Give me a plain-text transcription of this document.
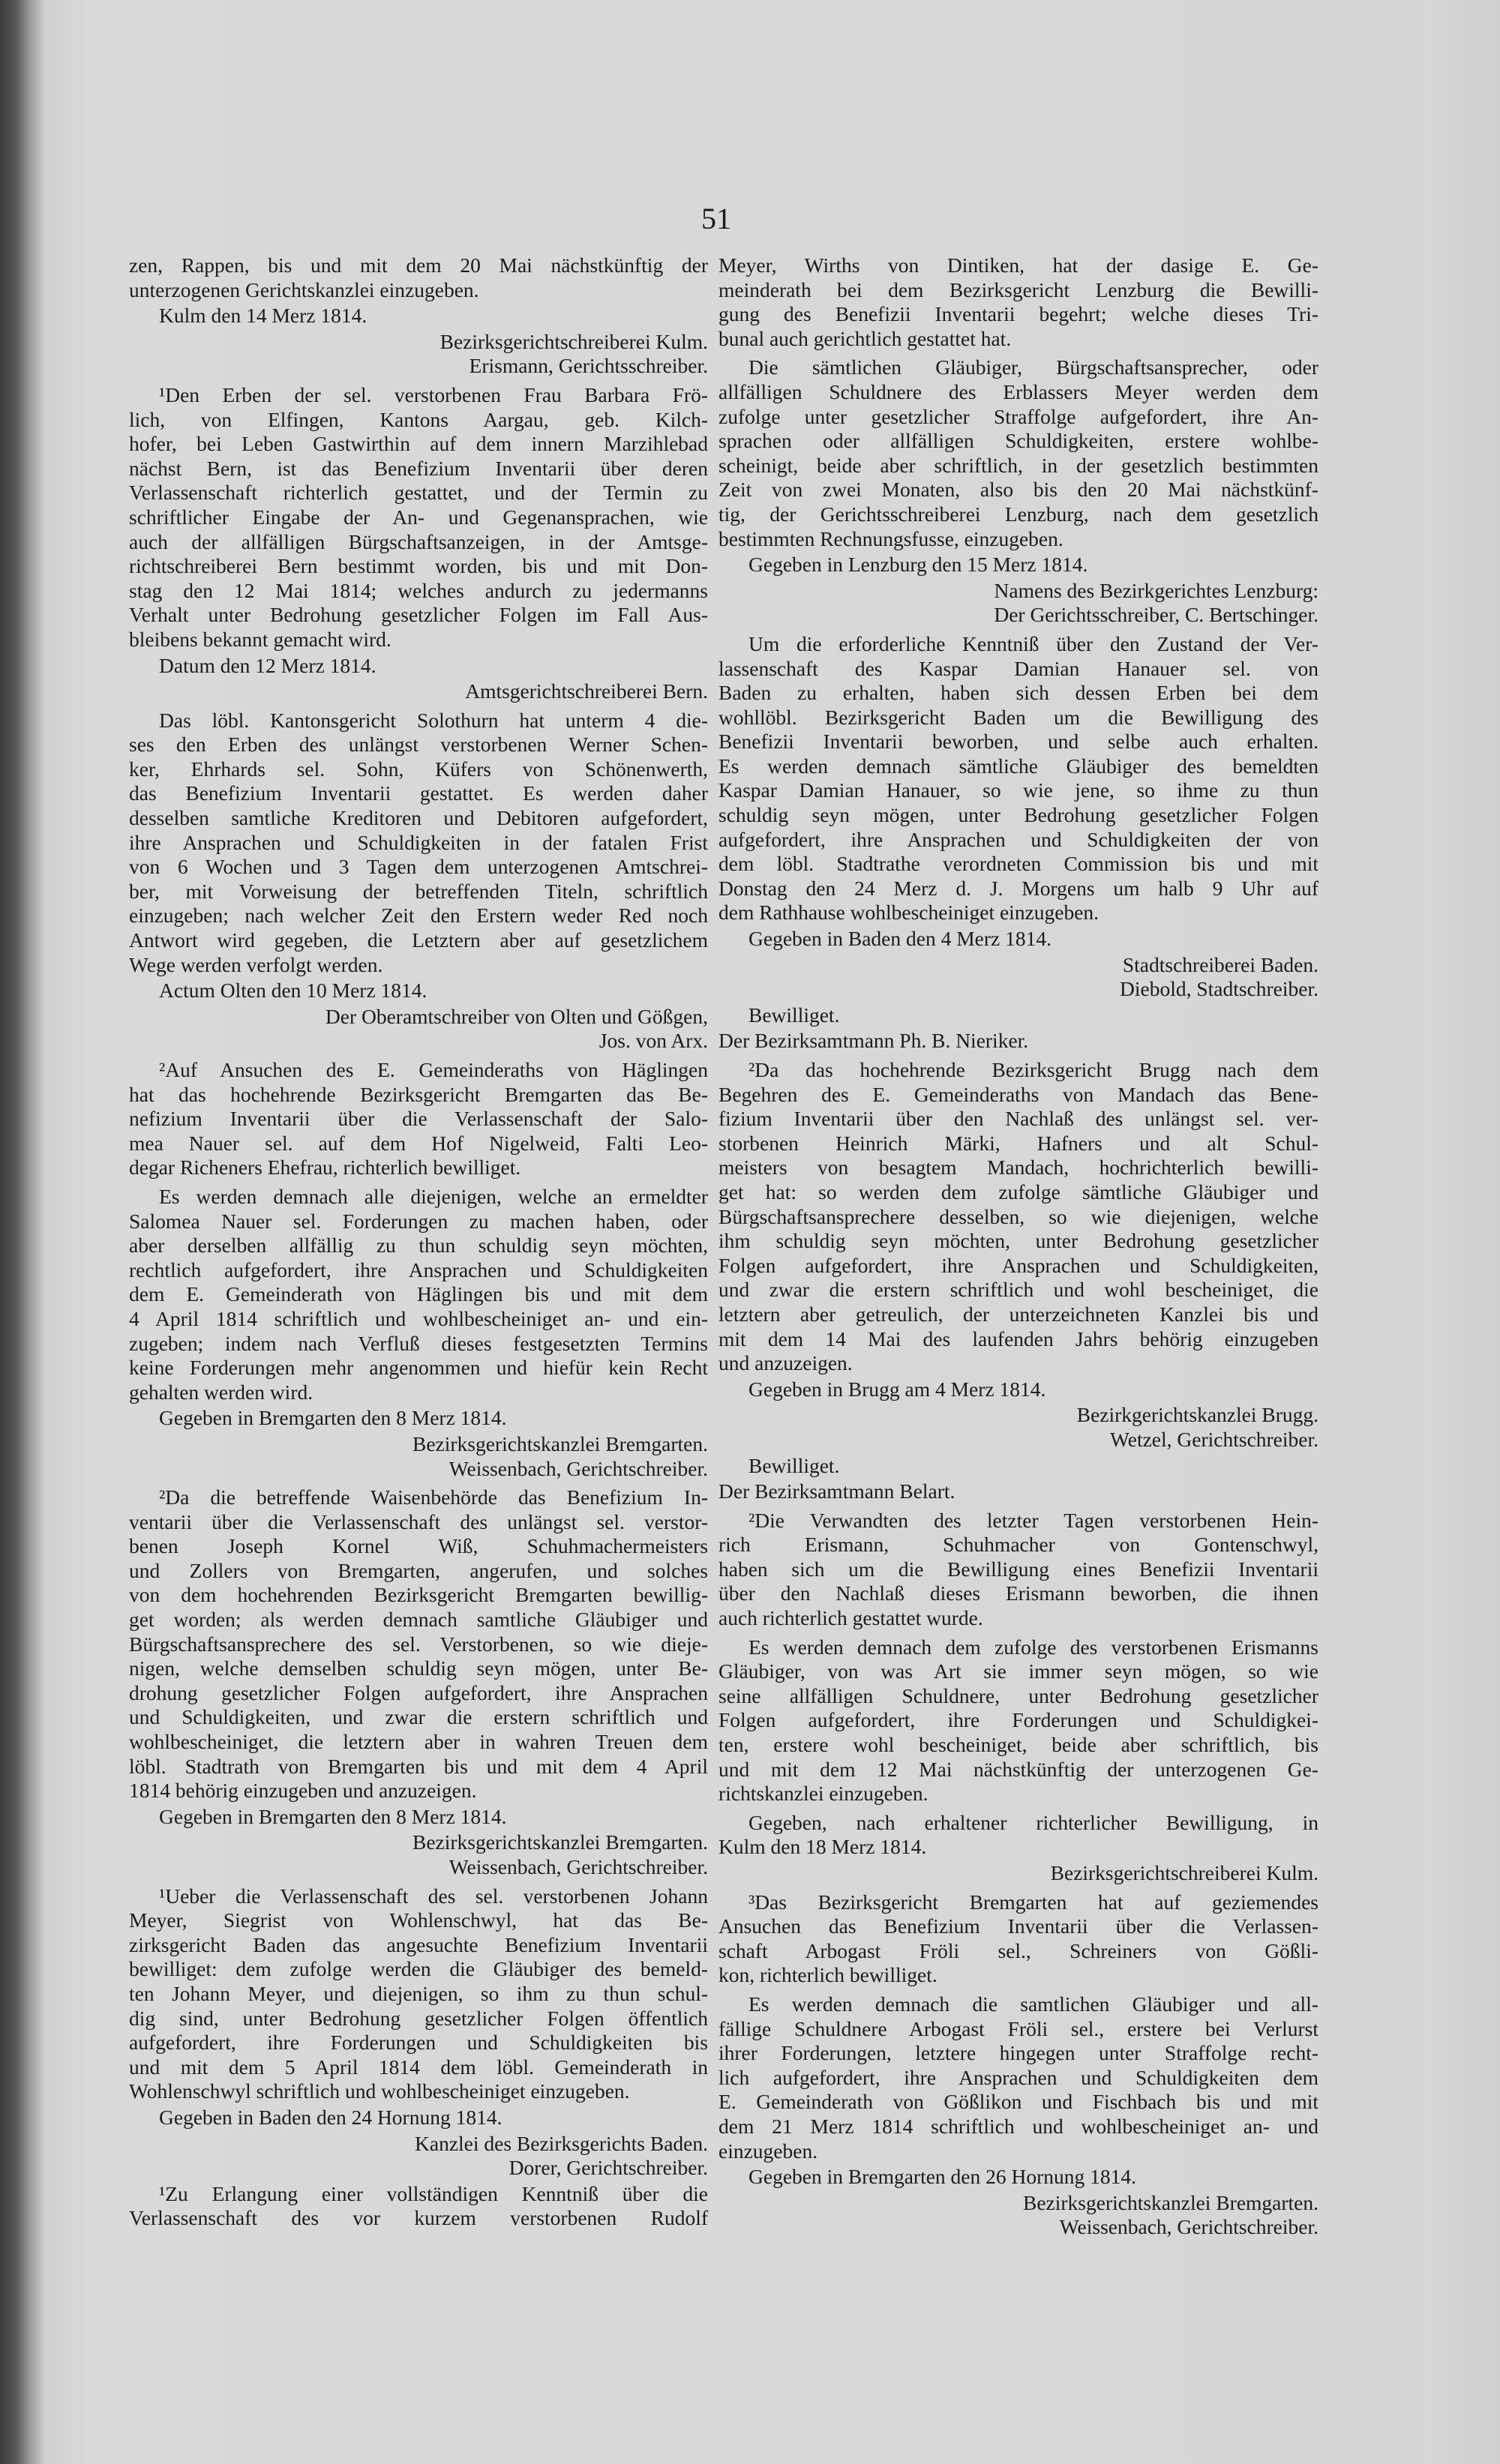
51
zen, Rappen, bis und mit dem 20 Mai nächstkünftig der
unterzogenen Gerichtskanzlei einzugeben.
Kulm den 14 Merz 1814.
Bezirksgerichtschreiberei Kulm.
Erismann, Gerichtsschreiber.
¹Den Erben der sel. verstorbenen Frau Barbara Frö-
lich, von Elfingen, Kantons Aargau, geb. Kilch-
hofer, bei Leben Gastwirthin auf dem innern Marzihlebad
nächst Bern, ist das Benefizium Inventarii über deren
Verlassenschaft richterlich gestattet, und der Termin zu
schriftlicher Eingabe der An- und Gegenansprachen, wie
auch der allfälligen Bürgschaftsanzeigen, in der Amtsge-
richtschreiberei Bern bestimmt worden, bis und mit Don-
stag den 12 Mai 1814; welches andurch zu jedermanns
Verhalt unter Bedrohung gesetzlicher Folgen im Fall Aus-
bleibens bekannt gemacht wird.
Datum den 12 Merz 1814.
Amtsgerichtschreiberei Bern.
Das löbl. Kantonsgericht Solothurn hat unterm 4 die-
ses den Erben des unlängst verstorbenen Werner Schen-
ker, Ehrhards sel. Sohn, Küfers von Schönenwerth,
das Benefizium Inventarii gestattet. Es werden daher
desselben samtliche Kreditoren und Debitoren aufgefordert,
ihre Ansprachen und Schuldigkeiten in der fatalen Frist
von 6 Wochen und 3 Tagen dem unterzogenen Amtschrei-
ber, mit Vorweisung der betreffenden Titeln, schriftlich
einzugeben; nach welcher Zeit den Erstern weder Red noch
Antwort wird gegeben, die Letztern aber auf gesetzlichem
Wege werden verfolgt werden.
Actum Olten den 10 Merz 1814.
Der Oberamtschreiber von Olten und Gößgen,
Jos. von Arx.
²Auf Ansuchen des E. Gemeinderaths von Häglingen
hat das hochehrende Bezirksgericht Bremgarten das Be-
nefizium Inventarii über die Verlassenschaft der Salo-
mea Nauer sel. auf dem Hof Nigelweid, Falti Leo-
degar Richeners Ehefrau, richterlich bewilliget.
Es werden demnach alle diejenigen, welche an ermeldter
Salomea Nauer sel. Forderungen zu machen haben, oder
aber derselben allfällig zu thun schuldig seyn möchten,
rechtlich aufgefordert, ihre Ansprachen und Schuldigkeiten
dem E. Gemeinderath von Häglingen bis und mit dem
4 April 1814 schriftlich und wohlbescheiniget an- und ein-
zugeben; indem nach Verfluß dieses festgesetzten Termins
keine Forderungen mehr angenommen und hiefür kein Recht
gehalten werden wird.
Gegeben in Bremgarten den 8 Merz 1814.
Bezirksgerichtskanzlei Bremgarten.
Weissenbach, Gerichtschreiber.
²Da die betreffende Waisenbehörde das Benefizium In-
ventarii über die Verlassenschaft des unlängst sel. verstor-
benen Joseph Kornel Wiß, Schuhmachermeisters
und Zollers von Bremgarten, angerufen, und solches
von dem hochehrenden Bezirksgericht Bremgarten bewillig-
get worden; als werden demnach samtliche Gläubiger und
Bürgschaftsansprechere des sel. Verstorbenen, so wie dieje-
nigen, welche demselben schuldig seyn mögen, unter Be-
drohung gesetzlicher Folgen aufgefordert, ihre Ansprachen
und Schuldigkeiten, und zwar die erstern schriftlich und
wohlbescheiniget, die letztern aber in wahren Treuen dem
löbl. Stadtrath von Bremgarten bis und mit dem 4 April
1814 behörig einzugeben und anzuzeigen.
Gegeben in Bremgarten den 8 Merz 1814.
Bezirksgerichtskanzlei Bremgarten.
Weissenbach, Gerichtschreiber.
¹Ueber die Verlassenschaft des sel. verstorbenen Johann
Meyer, Siegrist von Wohlenschwyl, hat das Be-
zirksgericht Baden das angesuchte Benefizium Inventarii
bewilliget: dem zufolge werden die Gläubiger des bemeld-
ten Johann Meyer, und diejenigen, so ihm zu thun schul-
dig sind, unter Bedrohung gesetzlicher Folgen öffentlich
aufgefordert, ihre Forderungen und Schuldigkeiten bis
und mit dem 5 April 1814 dem löbl. Gemeinderath in
Wohlenschwyl schriftlich und wohlbescheiniget einzugeben.
Gegeben in Baden den 24 Hornung 1814.
Kanzlei des Bezirksgerichts Baden.
Dorer, Gerichtschreiber.
¹Zu Erlangung einer vollständigen Kenntniß über die
Verlassenschaft des vor kurzem verstorbenen Rudolf
Meyer, Wirths von Dintiken, hat der dasige E. Ge-
meinderath bei dem Bezirksgericht Lenzburg die Bewilli-
gung des Benefizii Inventarii begehrt; welche dieses Tri-
bunal auch gerichtlich gestattet hat.
Die sämtlichen Gläubiger, Bürgschaftsansprecher, oder
allfälligen Schuldnere des Erblassers Meyer werden dem
zufolge unter gesetzlicher Straffolge aufgefordert, ihre An-
sprachen oder allfälligen Schuldigkeiten, erstere wohlbe-
scheinigt, beide aber schriftlich, in der gesetzlich bestimmten
Zeit von zwei Monaten, also bis den 20 Mai nächstkünf-
tig, der Gerichtsschreiberei Lenzburg, nach dem gesetzlich
bestimmten Rechnungsfusse, einzugeben.
Gegeben in Lenzburg den 15 Merz 1814.
Namens des Bezirkgerichtes Lenzburg:
Der Gerichtsschreiber, C. Bertschinger.
Um die erforderliche Kenntniß über den Zustand der Ver-
lassenschaft des Kaspar Damian Hanauer sel. von
Baden zu erhalten, haben sich dessen Erben bei dem
wohllöbl. Bezirksgericht Baden um die Bewilligung des
Benefizii Inventarii beworben, und selbe auch erhalten.
Es werden demnach sämtliche Gläubiger des bemeldten
Kaspar Damian Hanauer, so wie jene, so ihme zu thun
schuldig seyn mögen, unter Bedrohung gesetzlicher Folgen
aufgefordert, ihre Ansprachen und Schuldigkeiten der von
dem löbl. Stadtrathe verordneten Commission bis und mit
Donstag den 24 Merz d. J. Morgens um halb 9 Uhr auf
dem Rathhause wohlbescheiniget einzugeben.
Gegeben in Baden den 4 Merz 1814.
Stadtschreiberei Baden.
Diebold, Stadtschreiber.
Bewilliget.
Der Bezirksamtmann Ph. B. Nieriker.
²Da das hochehrende Bezirksgericht Brugg nach dem
Begehren des E. Gemeinderaths von Mandach das Bene-
fizium Inventarii über den Nachlaß des unlängst sel. ver-
storbenen Heinrich Märki, Hafners und alt Schul-
meisters von besagtem Mandach, hochrichterlich bewilli-
get hat: so werden dem zufolge sämtliche Gläubiger und
Bürgschaftsansprechere desselben, so wie diejenigen, welche
ihm schuldig seyn möchten, unter Bedrohung gesetzlicher
Folgen aufgefordert, ihre Ansprachen und Schuldigkeiten,
und zwar die erstern schriftlich und wohl bescheiniget, die
letztern aber getreulich, der unterzeichneten Kanzlei bis und
mit dem 14 Mai des laufenden Jahrs behörig einzugeben
und anzuzeigen.
Gegeben in Brugg am 4 Merz 1814.
Bezirkgerichtskanzlei Brugg.
Wetzel, Gerichtschreiber.
Bewilliget.
Der Bezirksamtmann Belart.
²Die Verwandten des letzter Tagen verstorbenen Hein-
rich Erismann, Schuhmacher von Gontenschwyl,
haben sich um die Bewilligung eines Benefizii Inventarii
über den Nachlaß dieses Erismann beworben, die ihnen
auch richterlich gestattet wurde.
Es werden demnach dem zufolge des verstorbenen Erismanns
Gläubiger, von was Art sie immer seyn mögen, so wie
seine allfälligen Schuldnere, unter Bedrohung gesetzlicher
Folgen aufgefordert, ihre Forderungen und Schuldigkei-
ten, erstere wohl bescheiniget, beide aber schriftlich, bis
und mit dem 12 Mai nächstkünftig der unterzogenen Ge-
richtskanzlei einzugeben.
Gegeben, nach erhaltener richterlicher Bewilligung, in
Kulm den 18 Merz 1814.
Bezirksgerichtschreiberei Kulm.
³Das Bezirksgericht Bremgarten hat auf geziemendes
Ansuchen das Benefizium Inventarii über die Verlassen-
schaft Arbogast Fröli sel., Schreiners von Gößli-
kon, richterlich bewilliget.
Es werden demnach die samtlichen Gläubiger und all-
fällige Schuldnere Arbogast Fröli sel., erstere bei Verlurst
ihrer Forderungen, letztere hingegen unter Straffolge recht-
lich aufgefordert, ihre Ansprachen und Schuldigkeiten dem
E. Gemeinderath von Gößlikon und Fischbach bis und mit
dem 21 Merz 1814 schriftlich und wohlbescheiniget an- und
einzugeben.
Gegeben in Bremgarten den 26 Hornung 1814.
Bezirksgerichtskanzlei Bremgarten.
Weissenbach, Gerichtschreiber.
